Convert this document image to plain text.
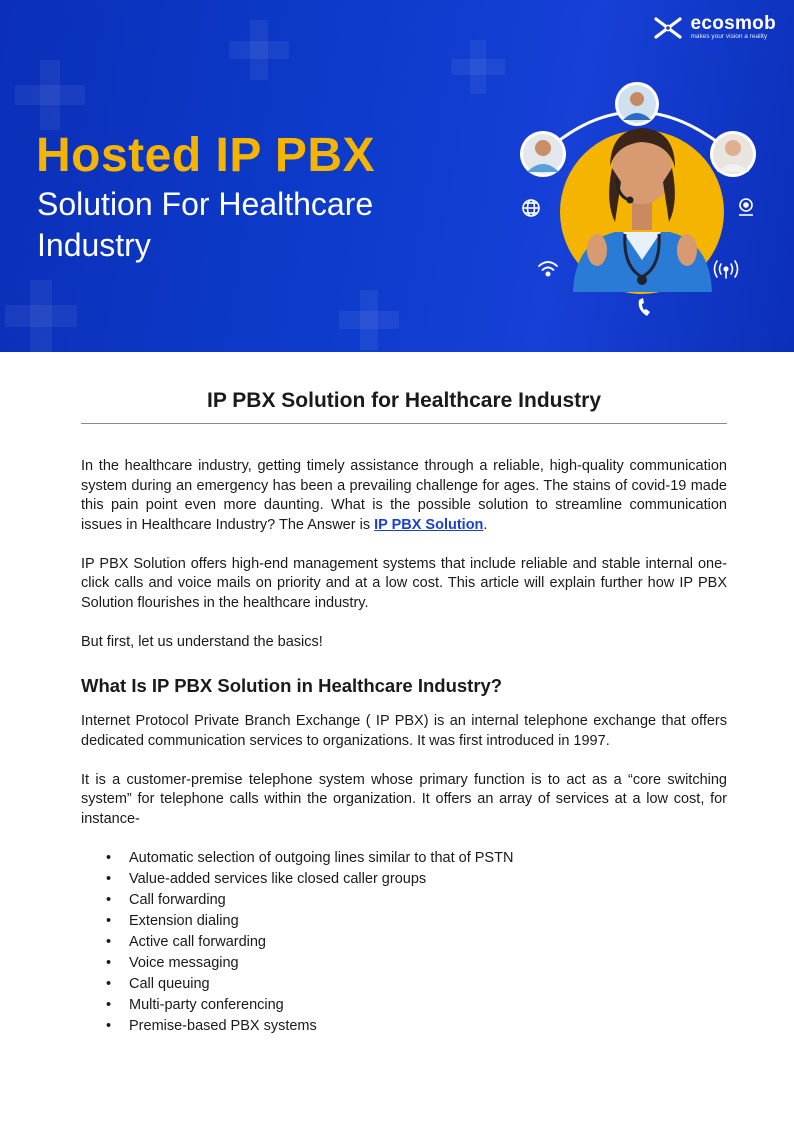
ecosmob
makes your vision a reality
Hosted IP PBX

Solution For Healthcare Industry

IP PBX Solution for Healthcare Industry

In the healthcare industry, getting timely assistance through a reliable, high-quality communication system during an emergency has been a prevailing challenge for ages. The stains of covid-19 made this pain point even more daunting. What is the possible solution to streamline communication issues in Healthcare Industry? The Answer is IP PBX Solution.

IP PBX Solution offers high-end management systems that include reliable and stable internal one-click calls and voice mails on priority and at a low cost. This article will explain further how IP PBX Solution flourishes in the healthcare industry.

But first, let us understand the basics!

What Is IP PBX Solution in Healthcare Industry?

Internet Protocol Private Branch Exchange ( IP PBX) is an internal telephone exchange that offers dedicated communication services to organizations. It was first introduced in 1997.

It is a customer-premise telephone system whose primary function is to act as a “core switching system” for telephone calls within the organization. It offers an array of services at a low cost, for instance-

• Automatic selection of outgoing lines similar to that of PSTN
• Value-added services like closed caller groups
• Call forwarding
• Extension dialing
• Active call forwarding
• Voice messaging
• Call queuing
• Multi-party conferencing
• Premise-based PBX systems
